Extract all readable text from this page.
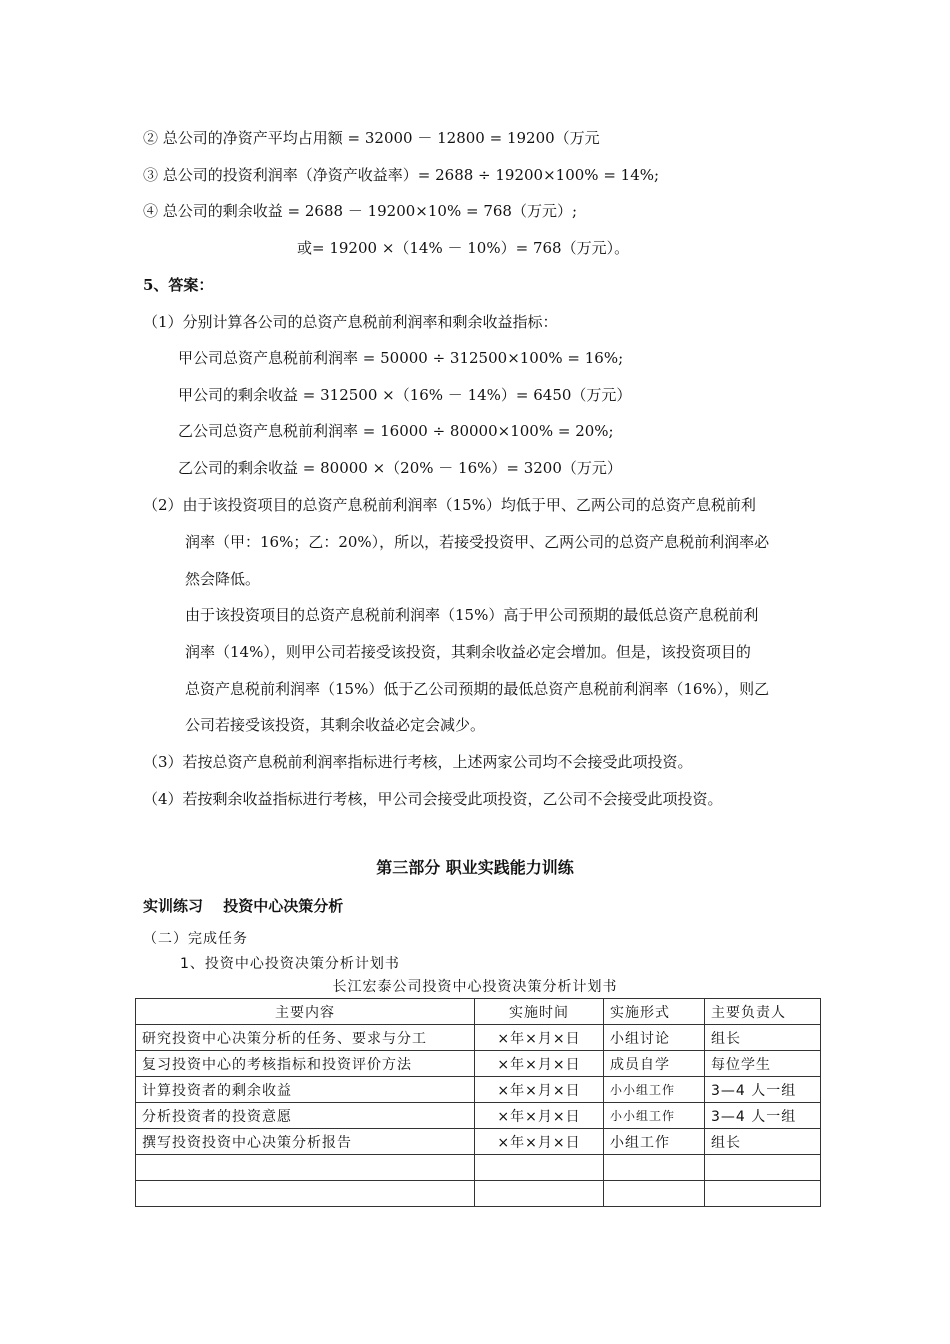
② 总公司的净资产平均占用额 = 32000 － 12800 = 19200（万元
③ 总公司的投资利润率（净资产收益率）= 2688 ÷ 19200×100% = 14%;
④ 总公司的剩余收益 = 2688 － 19200×10% = 768（万元）;
或= 19200 ×（14% － 10%）= 768（万元）。
5、答案：
（1）分别计算各公司的总资产息税前利润率和剩余收益指标：
甲公司总资产息税前利润率 = 50000 ÷ 312500×100% = 16%;
甲公司的剩余收益 = 312500 ×（16% － 14%）= 6450（万元）
乙公司总资产息税前利润率 = 16000 ÷ 80000×100% = 20%;
乙公司的剩余收益 = 80000 ×（20% － 16%）= 3200（万元）
（2）由于该投资项目的总资产息税前利润率（15%）均低于甲、乙两公司的总资产息税前利
润率（甲：16%；乙：20%），所以，若接受投资甲、乙两公司的总资产息税前利润率必
然会降低。
由于该投资项目的总资产息税前利润率（15%）高于甲公司预期的最低总资产息税前利
润率（14%），则甲公司若接受该投资，其剩余收益必定会增加。但是，该投资项目的
总资产息税前利润率（15%）低于乙公司预期的最低总资产息税前利润率（16%），则乙
公司若接受该投资，其剩余收益必定会减少。
（3）若按总资产息税前利润率指标进行考核，上述两家公司均不会接受此项投资。
（4）若按剩余收益指标进行考核，甲公司会接受此项投资，乙公司不会接受此项投资。
第三部分 职业实践能力训练
实训练习　 投资中心决策分析
（二）完成任务
1、投资中心投资决策分析计划书
长江宏泰公司投资中心投资决策分析计划书
主要内容	实施时间	实施形式	主要负责人
研究投资中心决策分析的任务、要求与分工	×年×月×日	小组讨论	组长
复习投资中心的考核指标和投资评价方法	×年×月×日	成员自学	每位学生
计算投资者的剩余收益	×年×月×日	小小组工作	3—4 人一组
分析投资者的投资意愿	×年×月×日	小小组工作	3—4 人一组
撰写投资投资中心决策分析报告	×年×月×日	小组工作	组长
